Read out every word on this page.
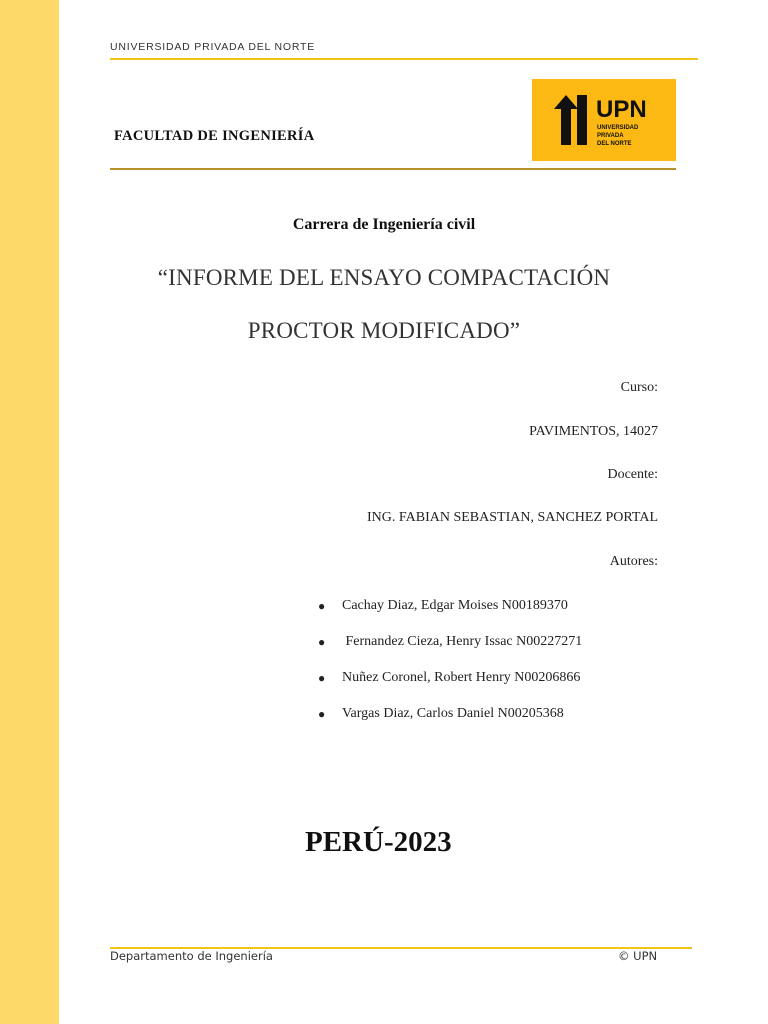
UNIVERSIDAD PRIVADA DEL NORTE
FACULTAD DE INGENIERÍA
UPN
UNIVERSIDAD
PRIVADA
DEL NORTE
Carrera de Ingeniería civil
“INFORME DEL ENSAYO COMPACTACIÓN
PROCTOR MODIFICADO”
Curso:
PAVIMENTOS, 14027
Docente:
ING. FABIAN SEBASTIAN, SANCHEZ PORTAL
Autores:
● Cachay Diaz, Edgar Moises N00189370
● Fernandez Cieza, Henry Issac N00227271
● Nuñez Coronel, Robert Henry N00206866
● Vargas Diaz, Carlos Daniel N00205368
PERÚ-2023
Departamento de Ingeniería	© UPN
